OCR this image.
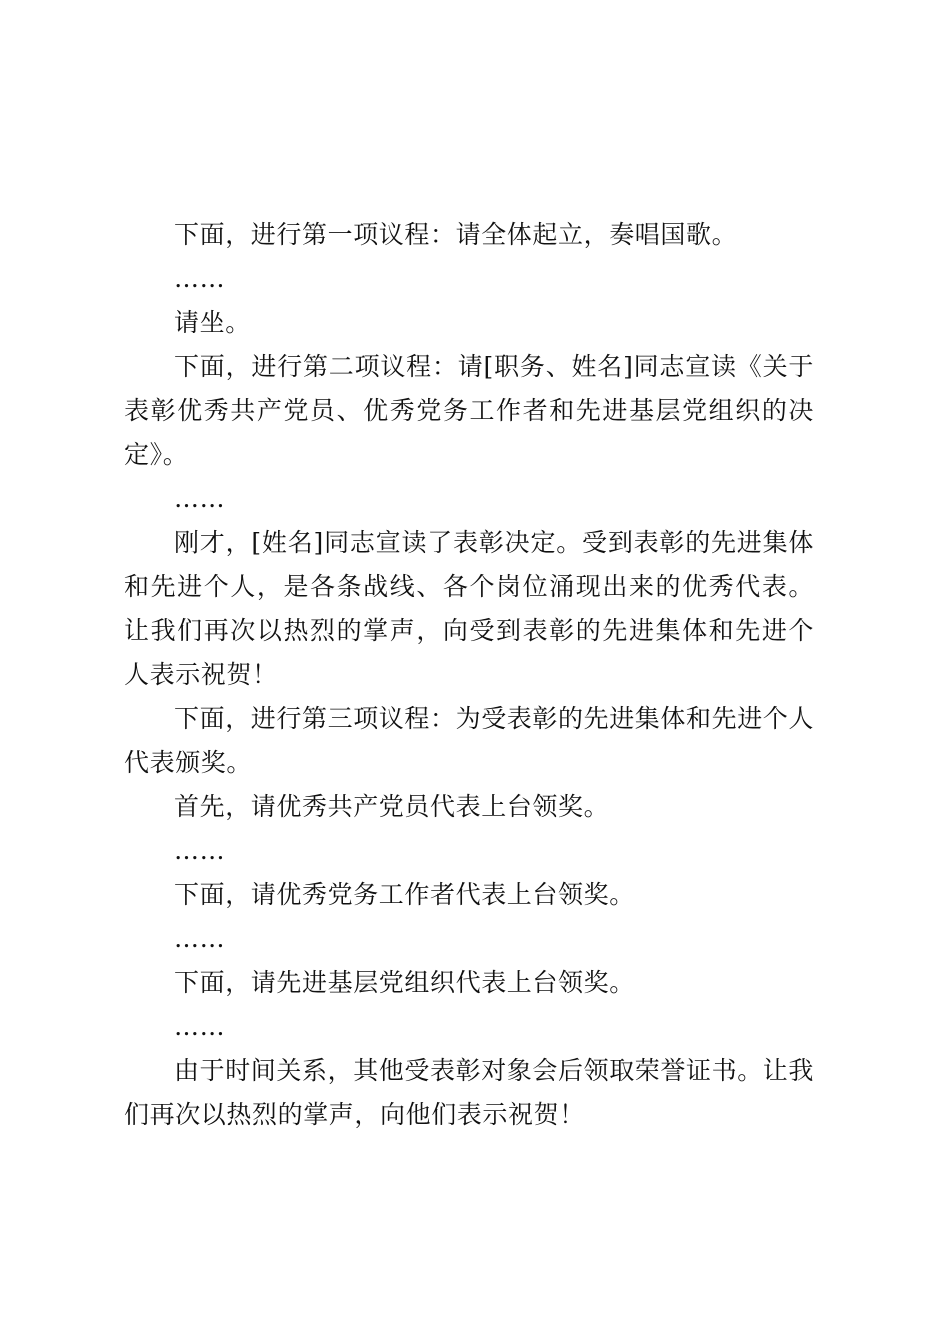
下面，进行第一项议程：请全体起立，奏唱国歌。

……

请坐。

下面，进行第二项议程：请[职务、姓名]同志宣读《关于表彰优秀共产党员、优秀党务工作者和先进基层党组织的决定》。

……

刚才，[姓名]同志宣读了表彰决定。受到表彰的先进集体和先进个人，是各条战线、各个岗位涌现出来的优秀代表。让我们再次以热烈的掌声，向受到表彰的先进集体和先进个人表示祝贺！

下面，进行第三项议程：为受表彰的先进集体和先进个人代表颁奖。

首先，请优秀共产党员代表上台领奖。

……

下面，请优秀党务工作者代表上台领奖。

……

下面，请先进基层党组织代表上台领奖。

……

由于时间关系，其他受表彰对象会后领取荣誉证书。让我们再次以热烈的掌声，向他们表示祝贺！
